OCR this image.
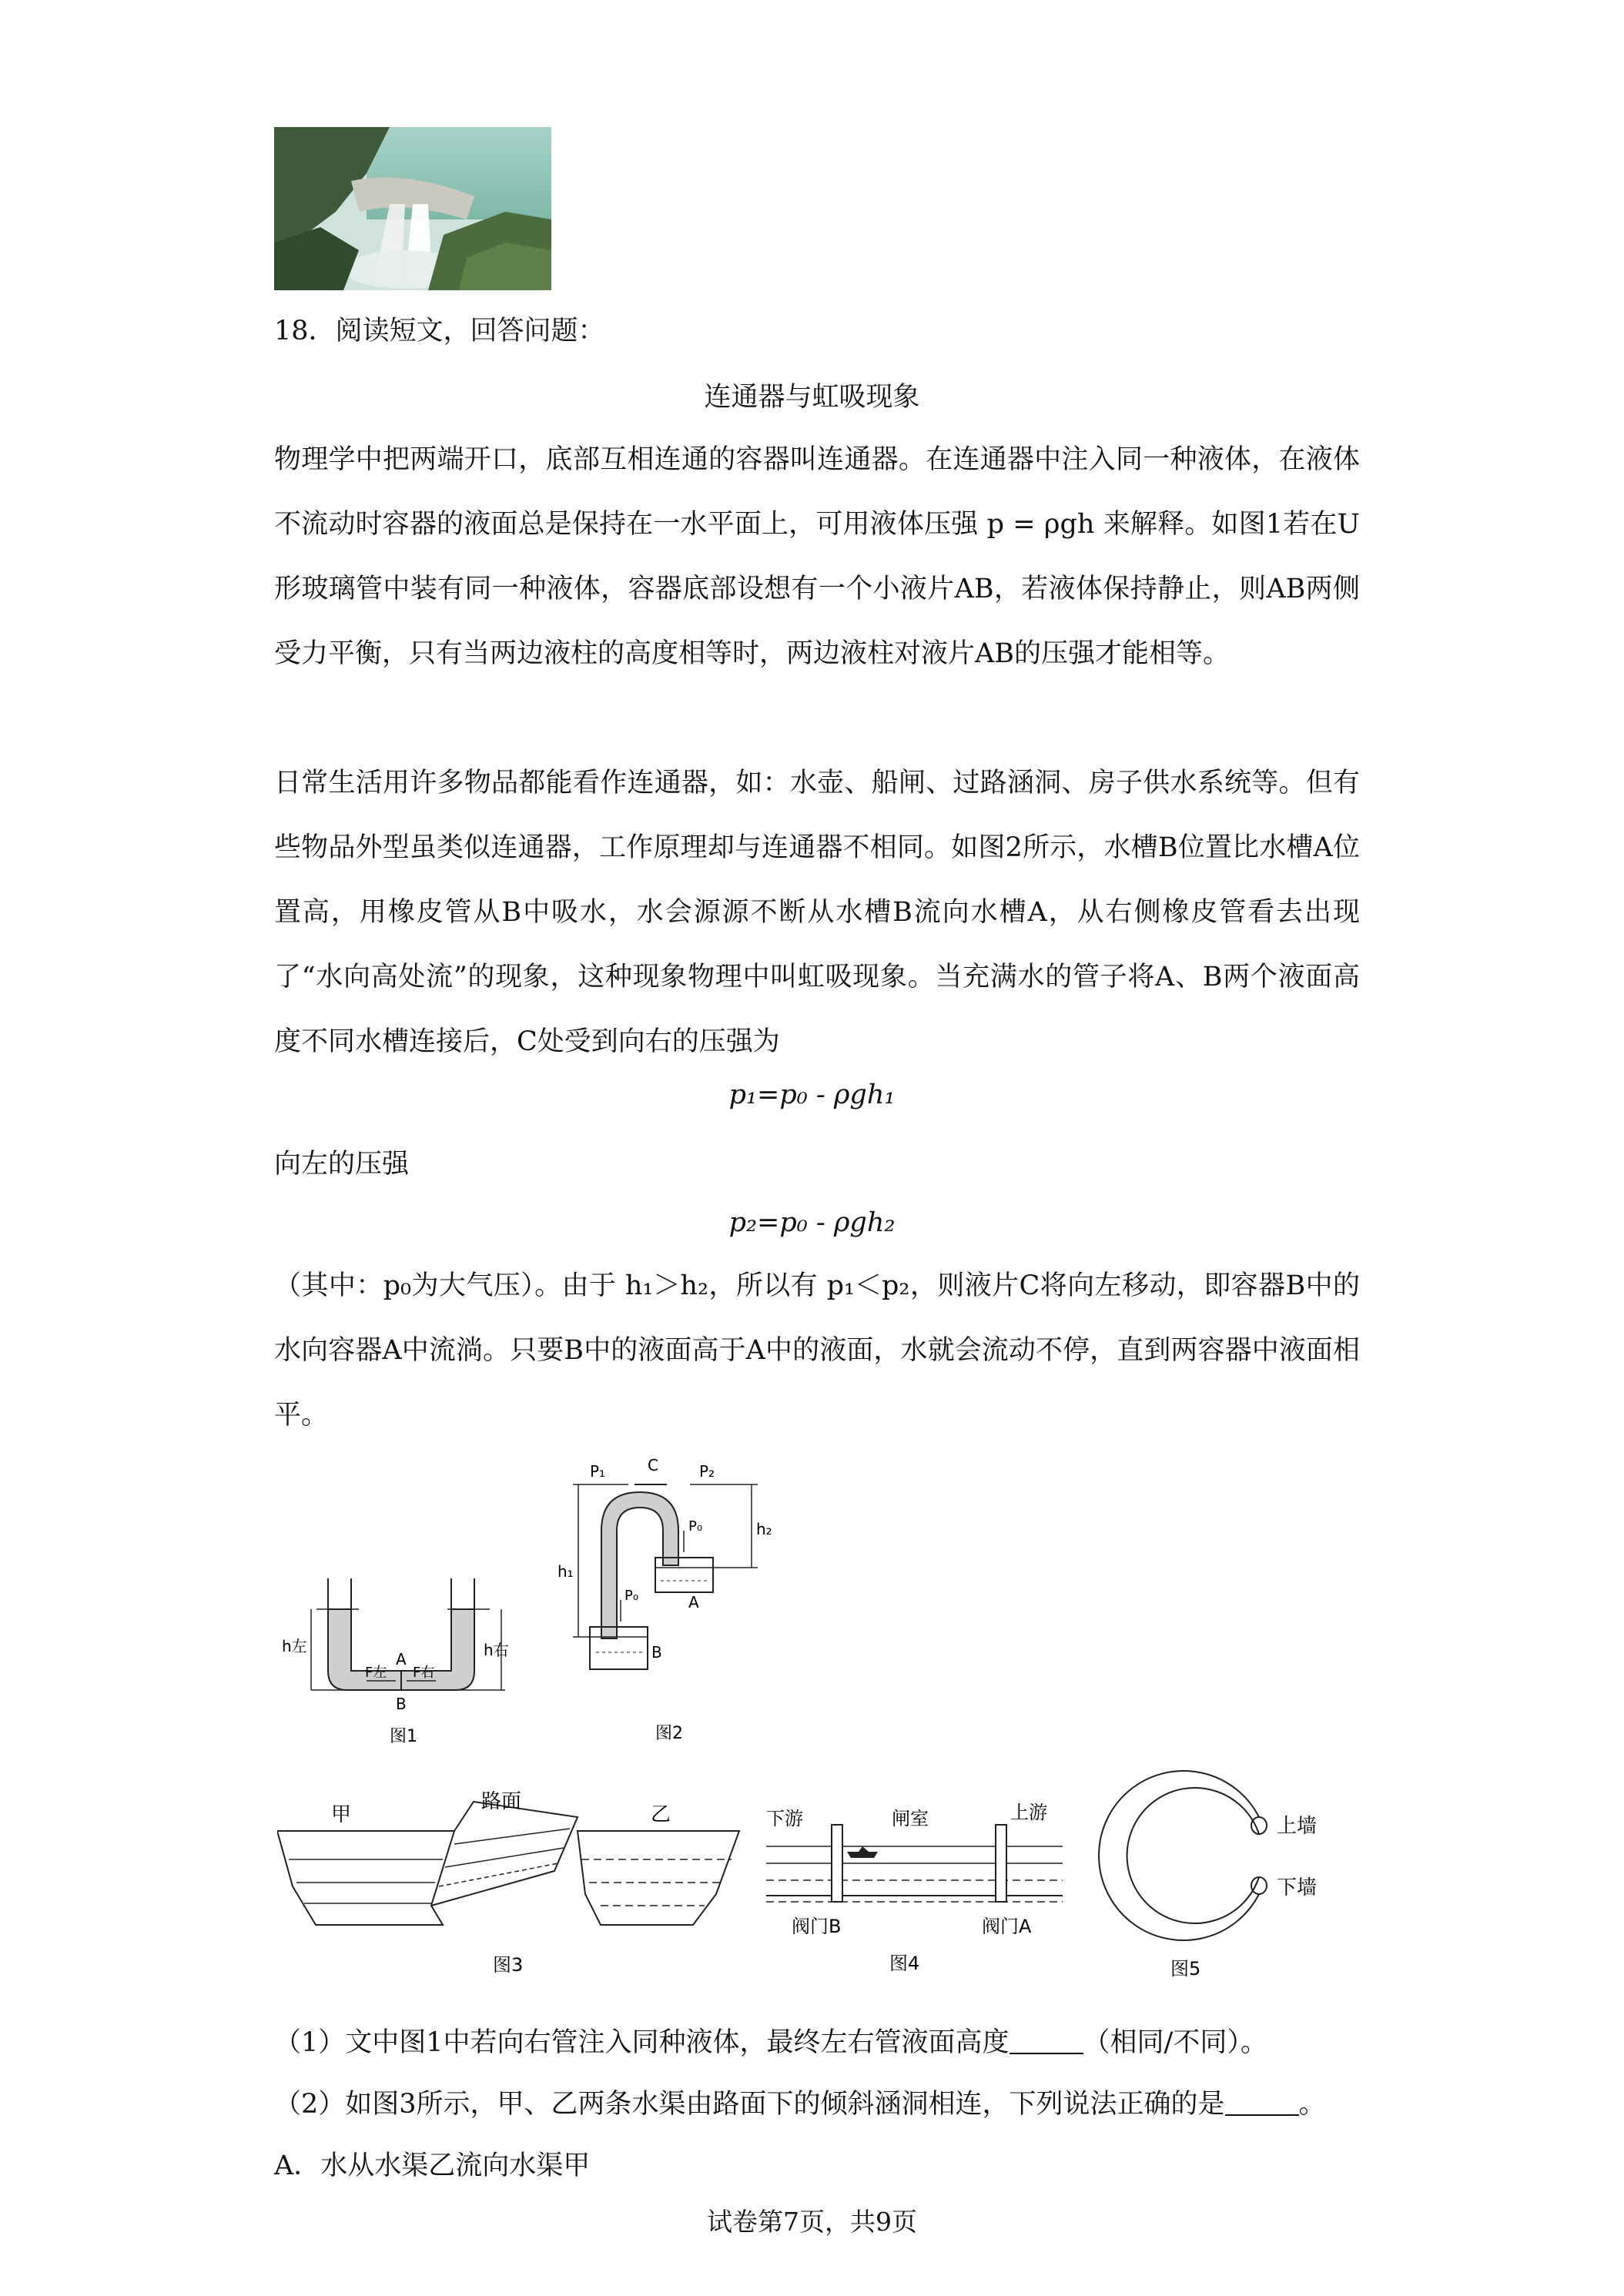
18．阅读短文，回答问题：
连通器与虹吸现象

物理学中把两端开口，底部互相连通的容器叫连通器。在连通器中注入同一种液体，在液体不流动时容器的液面总是保持在一水平面上，可用液体压强 p = ρgh 来解释。如图1若在U形玻璃管中装有同一种液体，容器底部设想有一个小液片AB，若液体保持静止，则AB两侧受力平衡，只有当两边液柱的高度相等时，两边液柱对液片AB的压强才能相等。

日常生活用许多物品都能看作连通器，如：水壶、船闸、过路涵洞、房子供水系统等。但有些物品外型虽类似连通器，工作原理却与连通器不相同。如图2所示，水槽B位置比水槽A位置高，用橡皮管从B中吸水，水会源源不断从水槽B流向水槽A，从右侧橡皮管看去出现了“水向高处流”的现象，这种现象物理中叫虹吸现象。当充满水的管子将A、B两个液面高度不同水槽连接后，C处受到向右的压强为

p₁=p₀ - ρgh₁
向左的压强
p₂=p₀ - ρgh₂

（其中：p₀为大气压）。由于 h₁＞h₂，所以有 p₁＜p₂，则液片C将向左移动，即容器B中的水向容器A中流淌。只要B中的液面高于A中的液面，水就会流动不停，直到两容器中液面相平。

h左	h右
F左 F右
A
B
图1
P₁	C	P₂
h₁
h₂
P₀
P₀
B
A
图2
甲
路面
乙
图3
下游	闸室	上游
阀门B	阀门A
图4
上墙
下墙
图5
（1）文中图1中若向右管注入同种液体，最终左右管液面高度	（相同/不同）。
（2）如图3所示，甲、乙两条水渠由路面下的倾斜涵洞相连，下列说法正确的是	。
A．水从水渠乙流向水渠甲
试卷第7页，共9页
